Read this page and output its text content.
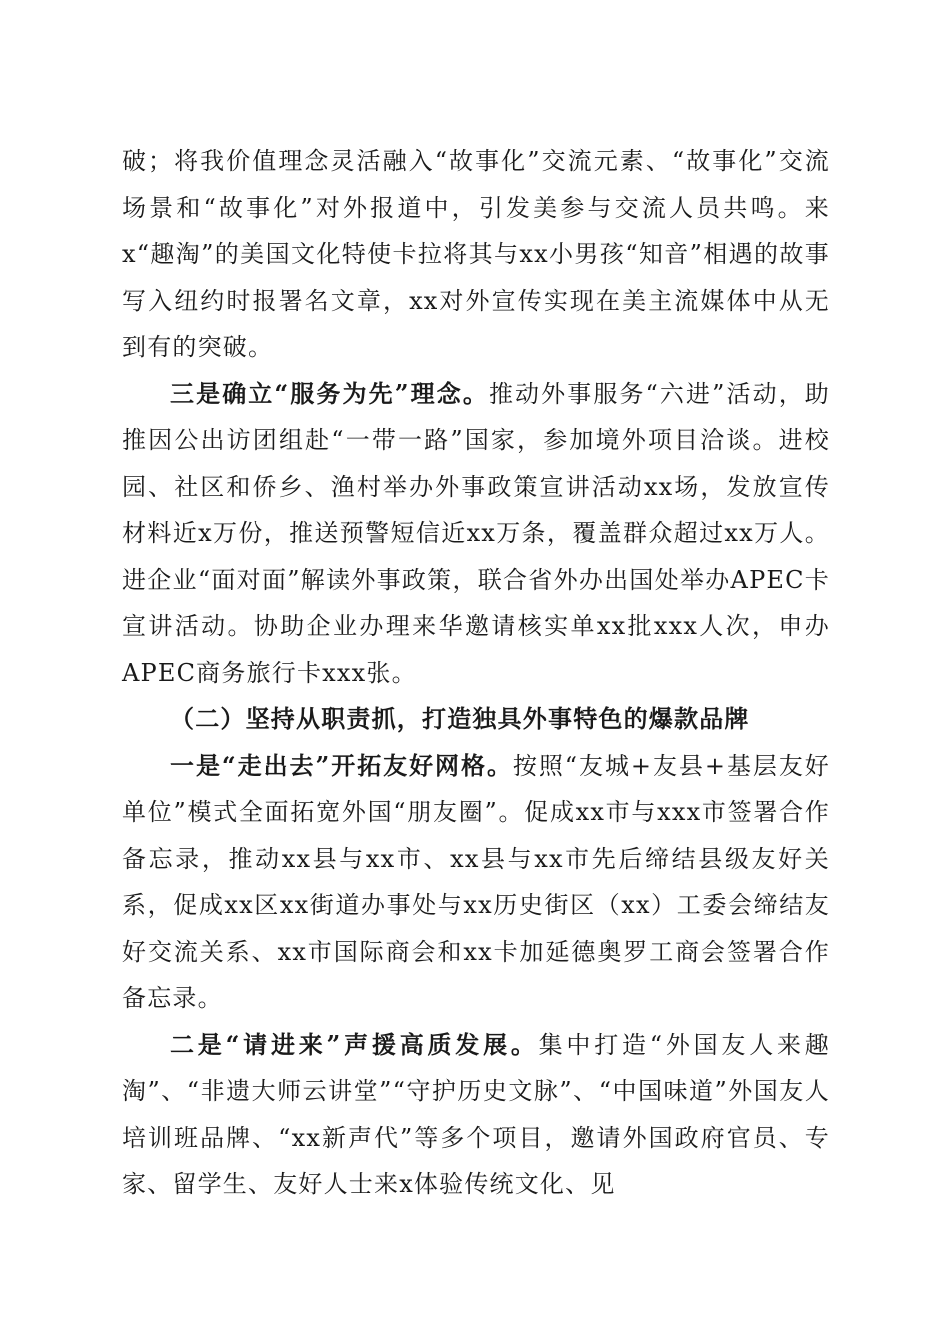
破；将我价值理念灵活融入“故事化”交流元素、“故事化”交流场景和“故事化”对外报道中，引发美参与交流人员共鸣。来x“趣淘”的美国文化特使卡拉将其与xx小男孩“知音”相遇的故事写入纽约时报署名文章，xx对外宣传实现在美主流媒体中从无到有的突破。

三是确立“服务为先”理念。推动外事服务“六进”活动，助推因公出访团组赴“一带一路”国家，参加境外项目洽谈。进校园、社区和侨乡、渔村举办外事政策宣讲活动xx场，发放宣传材料近x万份，推送预警短信近xx万条，覆盖群众超过xx万人。进企业“面对面”解读外事政策，联合省外办出国处举办APEC卡宣讲活动。协助企业办理来华邀请核实单xx批xxx人次，申办APEC商务旅行卡xxx张。

（二）坚持从职责抓，打造独具外事特色的爆款品牌

一是“走出去”开拓友好网格。按照“友城+友县+基层友好单位”模式全面拓宽外国“朋友圈”。促成xx市与xxx市签署合作备忘录，推动xx县与xx市、xx县与xx市先后缔结县级友好关系，促成xx区xx街道办事处与xx历史街区（xx）工委会缔结友好交流关系、xx市国际商会和xx卡加延德奥罗工商会签署合作备忘录。

二是“请进来”声援高质发展。集中打造“外国友人来趣淘”、“非遗大师云讲堂”“守护历史文脉”、“中国味道”外国友人培训班品牌、“xx新声代”等多个项目，邀请外国政府官员、专家、留学生、友好人士来x体验传统文化、见
